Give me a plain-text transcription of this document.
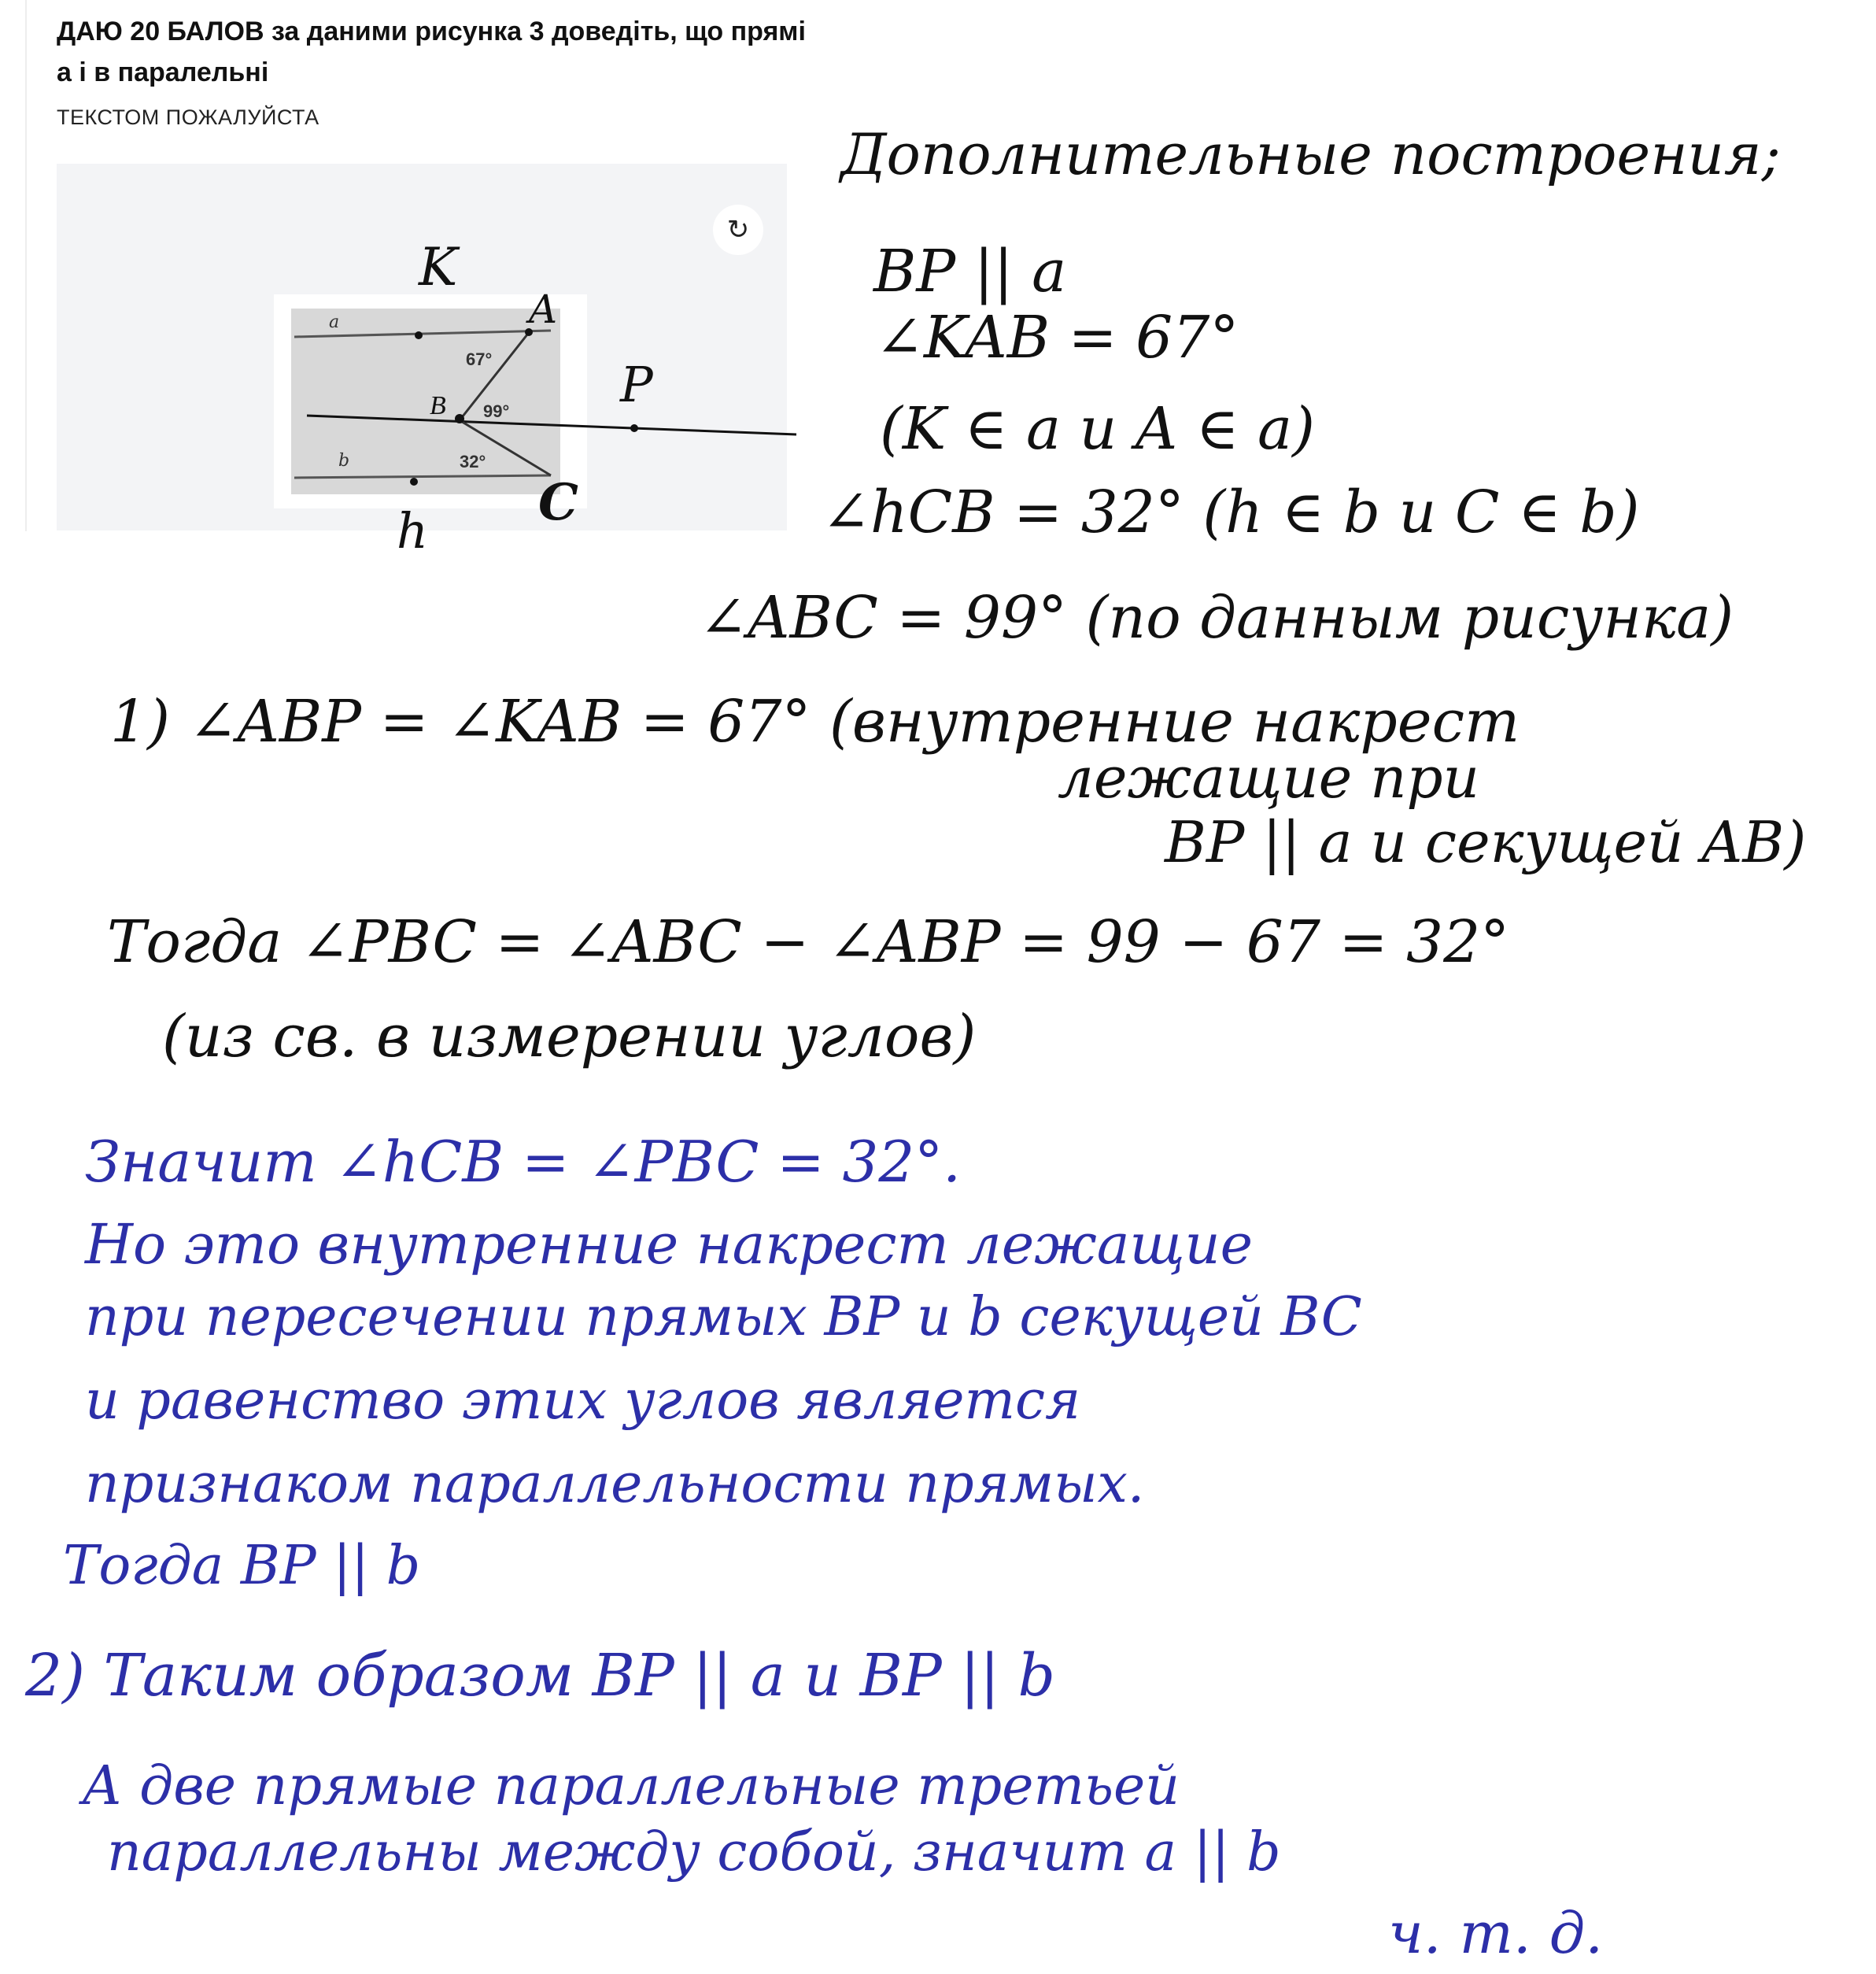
ДАЮ 20 БАЛОВ за даними рисунка 3 доведіть, що прямі а і в паралельні
ТЕКСТОМ ПОЖАЛУЙСТА
↻
a
b
67°
99°
32°
B
K
A
P
h C
Дополнительные построения;
BP || a
∠KAB = 67°
(K ∈ a и A ∈ a)
∠hCB = 32° (h ∈ b и C ∈ b)
∠ABC = 99° (по данным рисунка)
1) ∠ABP = ∠KAB = 67° (внутренние накрест
лежащие при
BP || a и секущей AB)
Тогда ∠PBC = ∠ABC − ∠ABP = 99 − 67 = 32°
(из св. в измерении углов)
Значит ∠hCB = ∠PBC = 32°.
Но это внутренние накрест лежащие
при пересечении прямых BP и b секущей BC
и равенство этих углов является
признаком параллельности прямых.
Тогда BP || b
2) Таким образом BP || a и BP || b
А две прямые параллельные третьей
параллельны между собой, значит a || b
ч. т. д.
